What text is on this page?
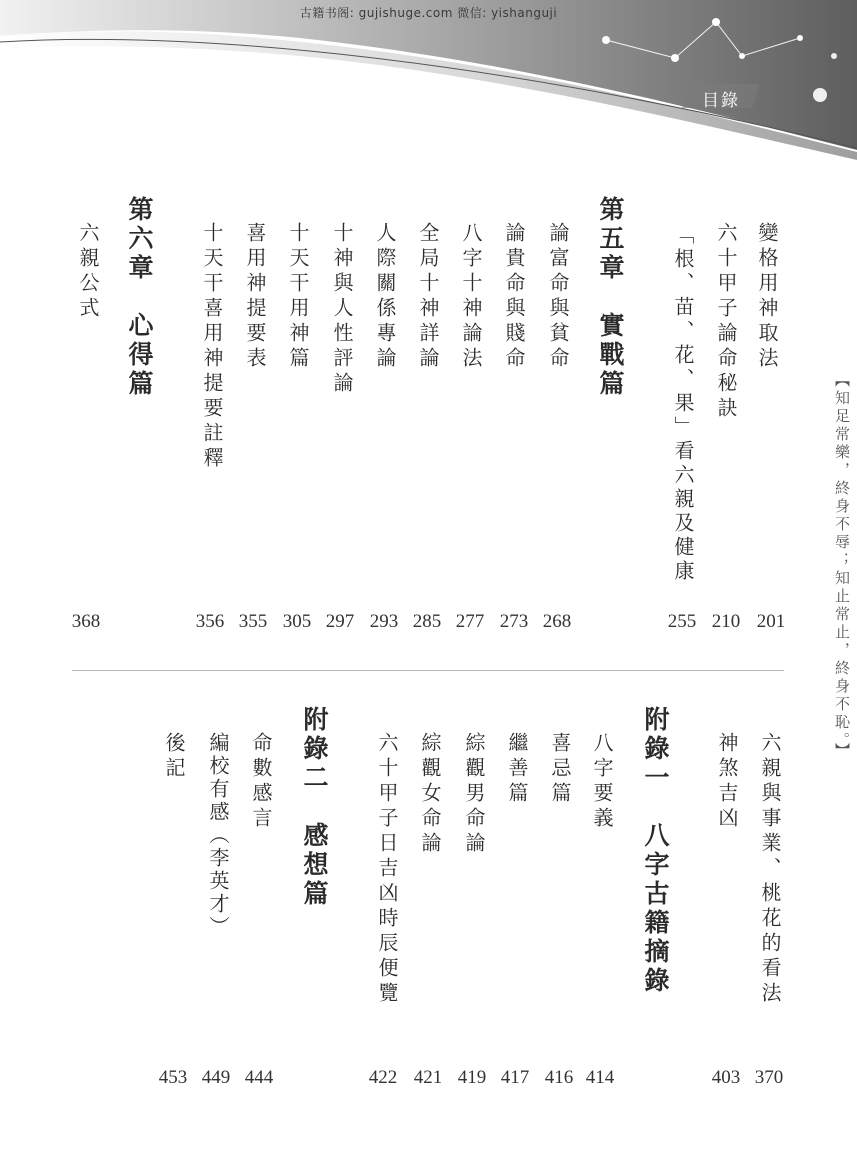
古籍书阁: gujishuge.com 微信: yishanguji
目錄
【知足常樂，終身不辱；知止常止，終身不恥。】
變格用神取法
201
六十甲子論命秘訣
210
「根、苗、花、果」看六親及健康
255
第五章　實戰篇
論富命與貧命
268
論貴命與賤命
273
八字十神論法
277
全局十神詳論
285
人際關係專論
293
十神與人性評論
297
十天干用神篇
305
喜用神提要表
355
十天干喜用神提要註釋
356
第六章　心得篇
六親公式
368
六親與事業、桃花的看法
370
神煞吉凶
403
附錄一　八字古籍摘錄
八字要義
414
喜忌篇
416
繼善篇
417
綜觀男命論
419
綜觀女命論
421
六十甲子日吉凶時辰便覽
422
附錄二　感想篇
命數感言
444
編校有感（李英才）
449
後記
453
